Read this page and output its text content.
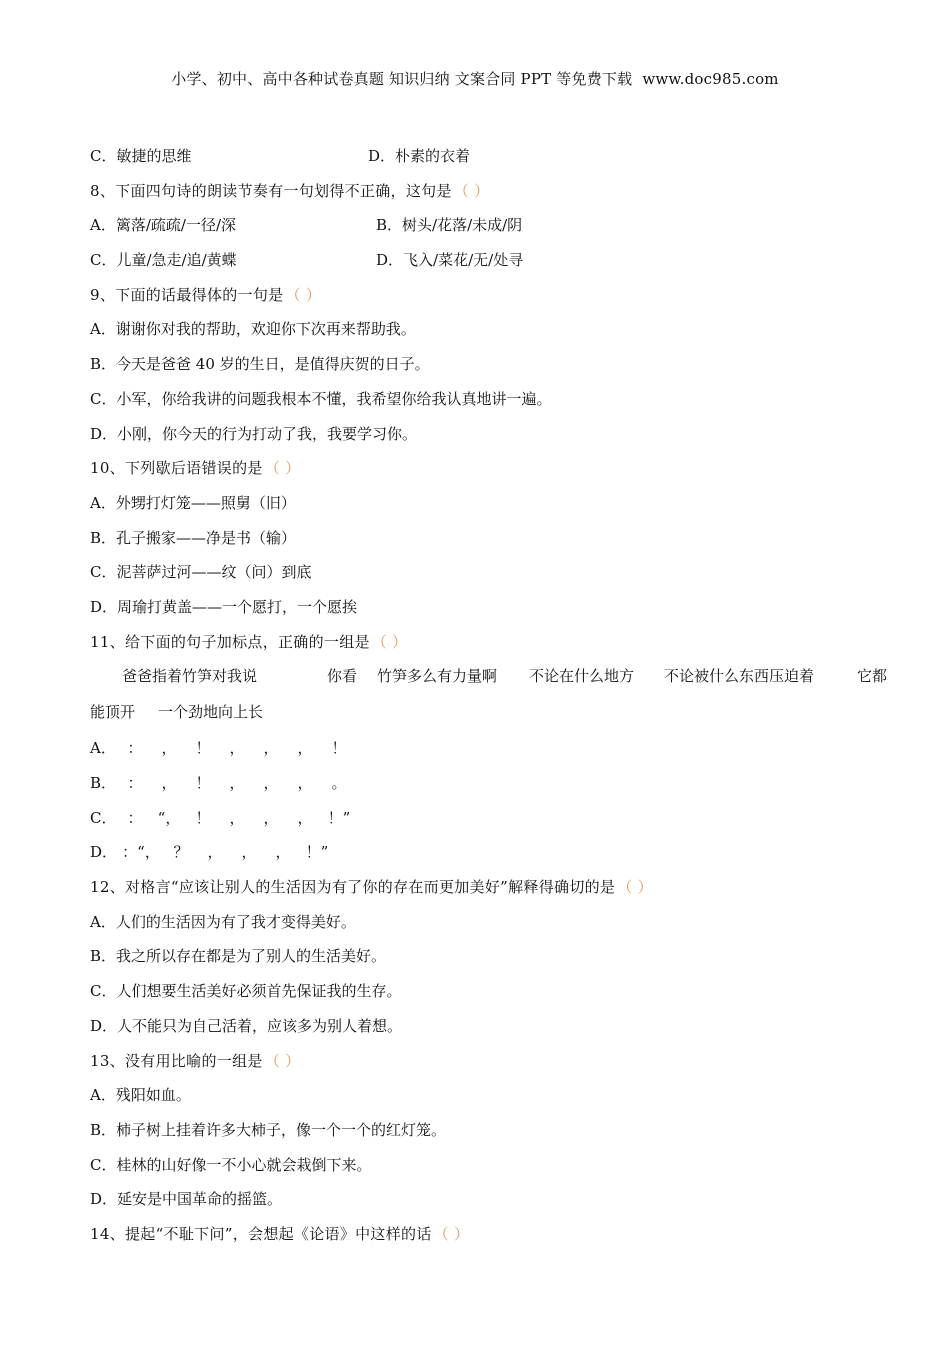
小学、初中、高中各种试卷真题 知识归纳 文案合同 PPT 等免费下载 www.doc985.com
C．敏捷的思维	D．朴素的衣着
8、下面四句诗的朗读节奏有一句划得不正确，这句是 （ ）
A．篱落/疏疏/一径/深	B．树头/花落/未成/阴
C．儿童/急走/追/黄蝶	D．飞入/菜花/无/处寻
9、下面的话最得体的一句是 （ ）
A．谢谢你对我的帮助，欢迎你下次再来帮助我。
B．今天是爸爸 40 岁的生日，是值得庆贺的日子。
C．小军，你给我讲的问题我根本不懂，我希望你给我认真地讲一遍。
D．小刚，你今天的行为打动了我，我要学习你。
10、下列歇后语错误的是 （ ）
A．外甥打灯笼——照舅（旧）
B．孔子搬家——净是书（输）
C．泥菩萨过河——纹（问）到底
D．周瑜打黄盖——一个愿打，一个愿挨
11、给下面的句子加标点，正确的一组是 （ ）
爸爸指着竹笋对我说	你看 竹笋多么有力量啊 不论在什么地方 不论被什么东西压迫着	它都
能顶开 一个劲地向上长
A． ： ， ！ ， ， ， ！
B． ： ， ！ ， ， ， 。
C． ： “， ！ ， ， ， ！”
D． ：“， ？ ， ， ， ！”
12、对格言“应该让别人的生活因为有了你的存在而更加美好”解释得确切的是 （ ）
A．人们的生活因为有了我才变得美好。
B．我之所以存在都是为了别人的生活美好。
C．人们想要生活美好必须首先保证我的生存。
D．人不能只为自己活着，应该多为别人着想。
13、没有用比喻的一组是 （ ）
A．残阳如血。
B．柿子树上挂着许多大柿子，像一个一个的红灯笼。
C．桂林的山好像一不小心就会栽倒下来。
D．延安是中国革命的摇篮。
14、提起“不耻下问”，会想起《论语》中这样的话 （ ）
